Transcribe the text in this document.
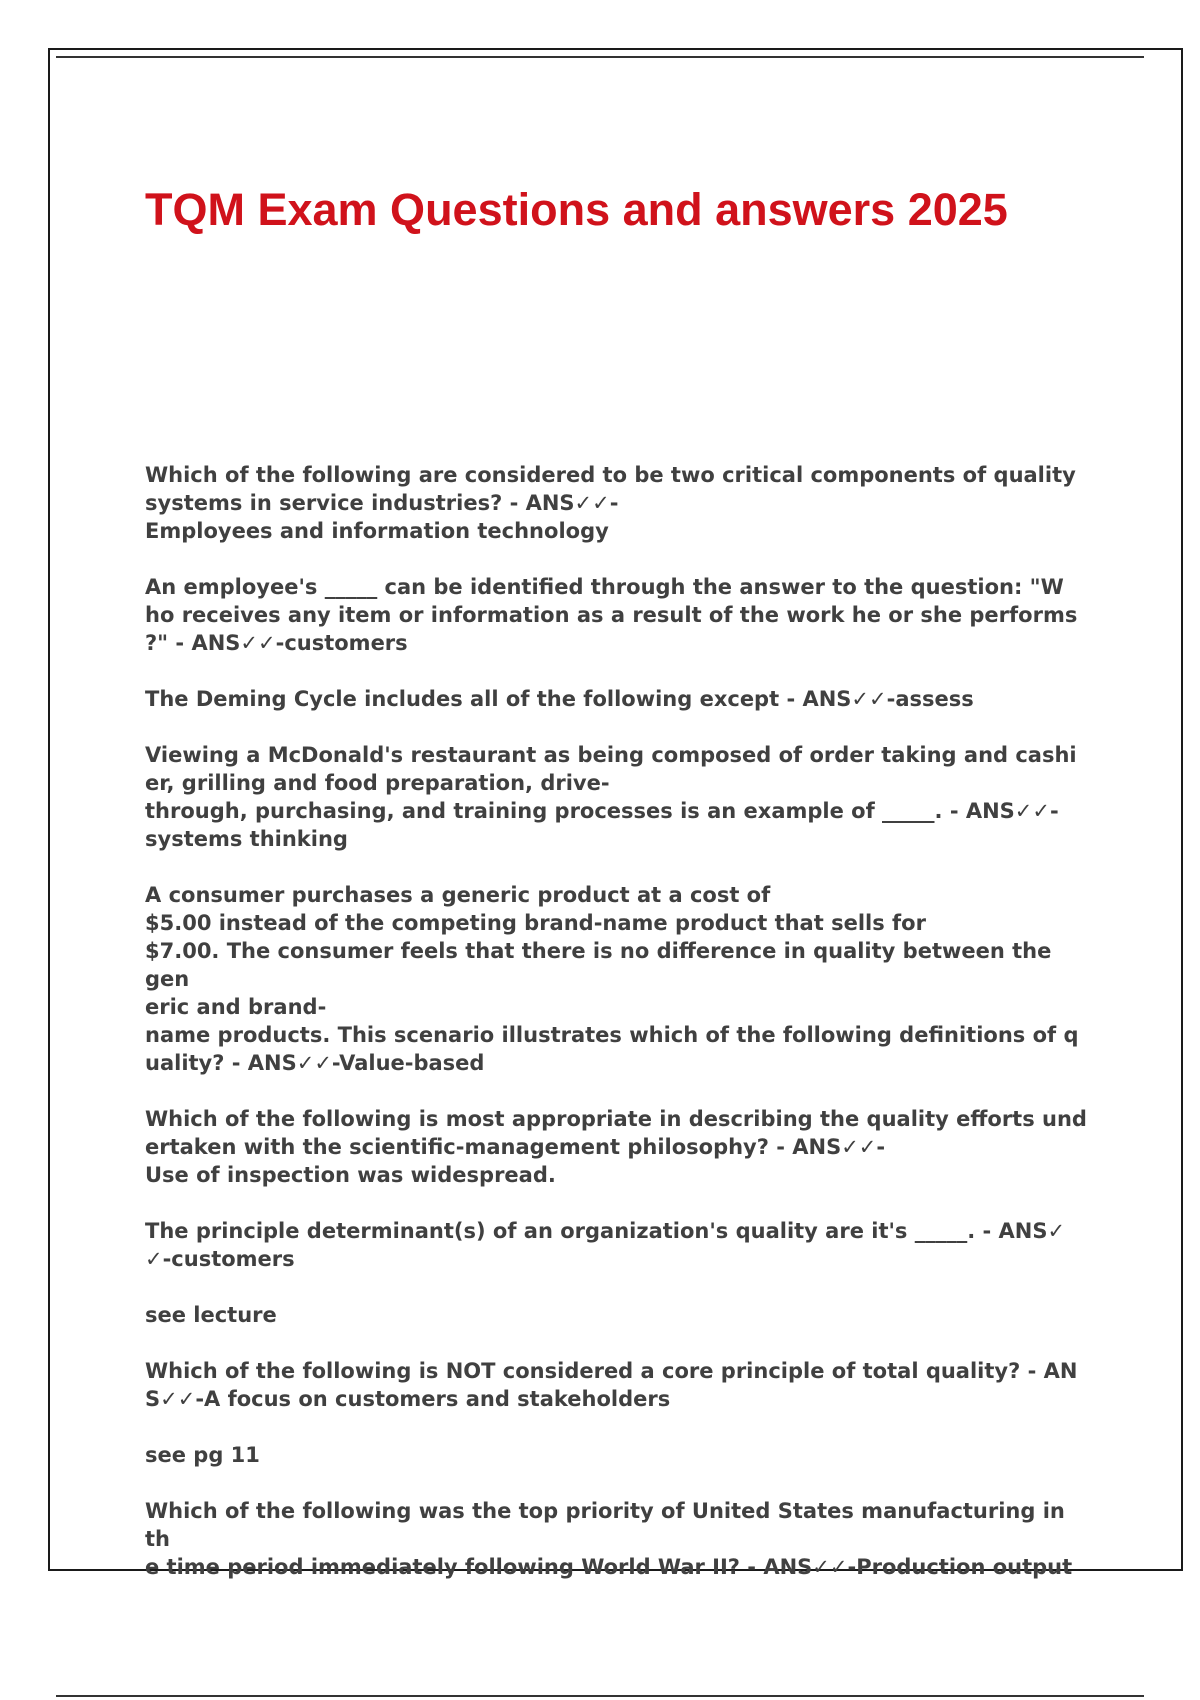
TQM Exam Questions and answers 2025

Which of the following are considered to be two critical components of quality
systems in service industries? - ANS✓✓-
Employees and information technology

An employee's _____ can be identified through the answer to the question: "W
ho receives any item or information as a result of the work he or she performs
?" - ANS✓✓-customers

The Deming Cycle includes all of the following except - ANS✓✓-assess

Viewing a McDonald's restaurant as being composed of order taking and cashi
er, grilling and food preparation, drive-
through, purchasing, and training processes is an example of _____. - ANS✓✓-
systems thinking

A consumer purchases a generic product at a cost of
$5.00 instead of the competing brand-name product that sells for
$7.00. The consumer feels that there is no difference in quality between the gen
eric and brand-
name products. This scenario illustrates which of the following definitions of q
uality? - ANS✓✓-Value-based

Which of the following is most appropriate in describing the quality efforts und
ertaken with the scientific-management philosophy? - ANS✓✓-
Use of inspection was widespread.

The principle determinant(s) of an organization's quality are it's _____. - ANS✓
✓-customers

see lecture

Which of the following is NOT considered a core principle of total quality? - AN
S✓✓-A focus on customers and stakeholders

see pg 11

Which of the following was the top priority of United States manufacturing in th
e time period immediately following World War II? - ANS✓✓-Production output
